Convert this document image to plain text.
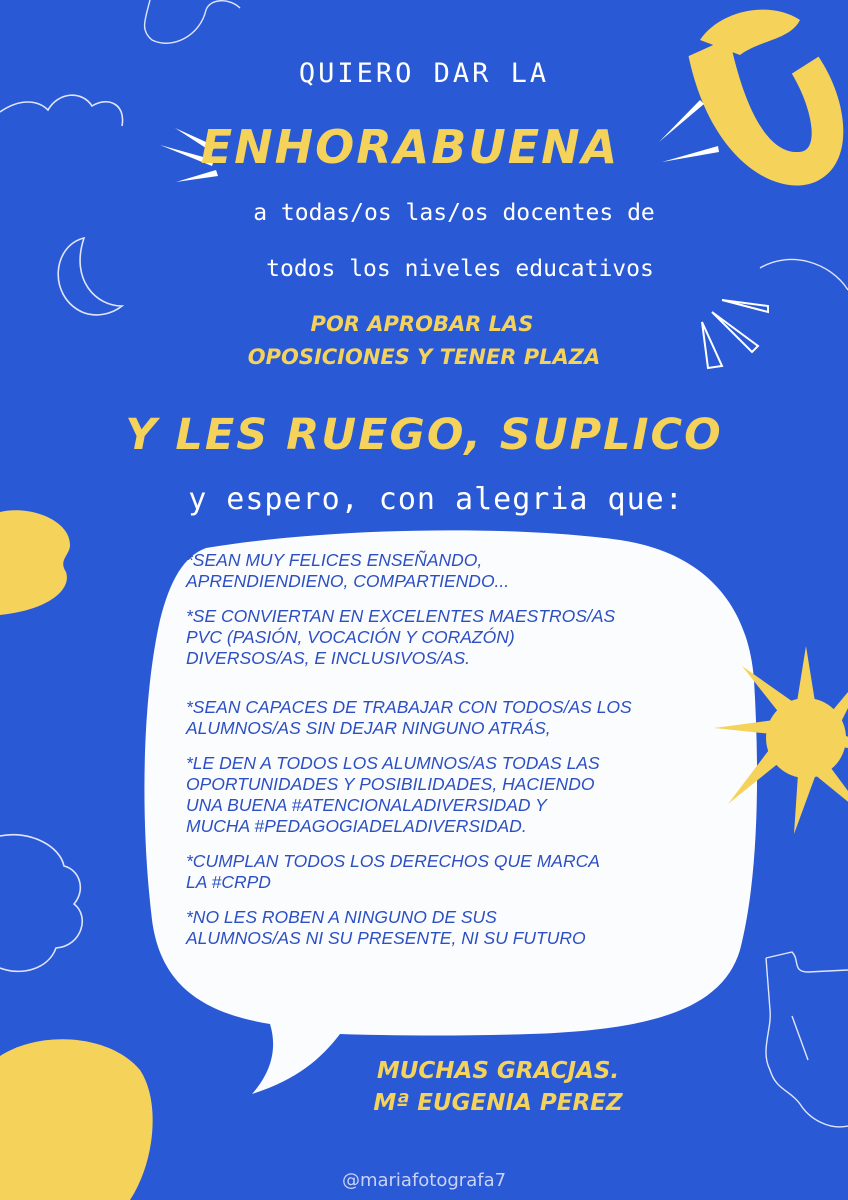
QUIERO DAR LA
ENHORABUENA
a todas/os las/os docentes de
todos los niveles educativos
POR APROBAR LAS
OPOSICIONES Y TENER PLAZA
Y LES RUEGO, SUPLICO
y espero, con alegria que:

*SEAN MUY FELICES ENSEÑANDO,
APRENDIENDIENO, COMPARTIENDO...

*SE CONVIERTAN EN EXCELENTES MAESTROS/AS
PVC (PASIÓN, VOCACIÓN Y CORAZÓN)
DIVERSOS/AS, E INCLUSIVOS/AS.

*SEAN CAPACES DE TRABAJAR CON TODOS/AS LOS
ALUMNOS/AS SIN DEJAR NINGUNO ATRÁS,

*LE DEN A TODOS LOS ALUMNOS/AS TODAS LAS
OPORTUNIDADES Y POSIBILIDADES, HACIENDO
UNA BUENA #ATENCIONALADIVERSIDAD Y
MUCHA #PEDAGOGIADELADIVERSIDAD.

*CUMPLAN TODOS LOS DERECHOS QUE MARCA
LA #CRPD

*NO LES ROBEN A NINGUNO DE SUS
ALUMNOS/AS NI SU PRESENTE, NI SU FUTURO

MUCHAS GRACJAS.
Mª EUGENIA PEREZ
@mariafotografa7
